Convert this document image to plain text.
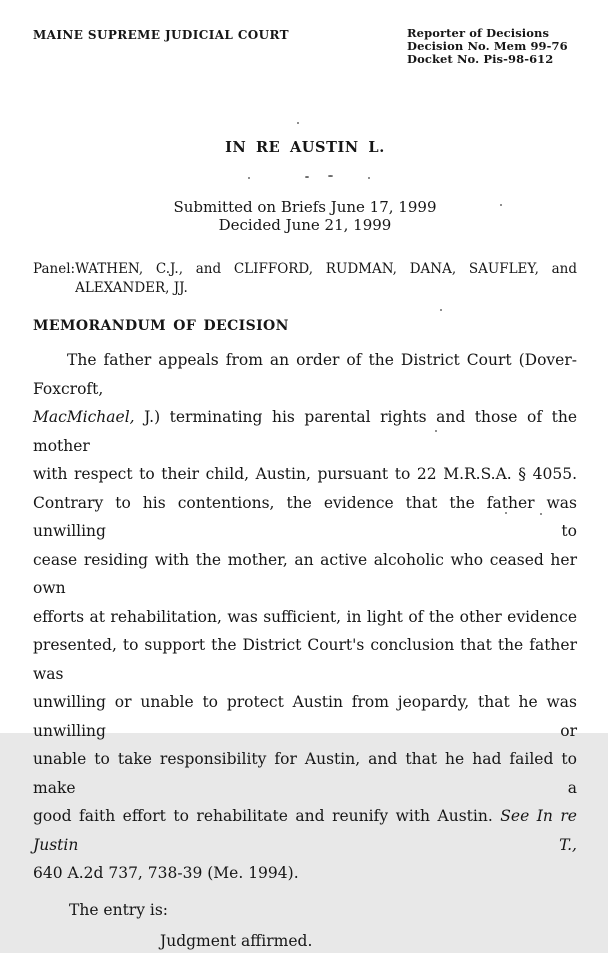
MAINE SUPREME JUDICIAL COURT	Reporter of Decisions
Decision No. Mem 99-76
Docket No. Pis-98-612
IN RE AUSTIN L.
Submitted on Briefs June 17, 1999
Decided June 21, 1999
Panel: WATHEN, C.J., and CLIFFORD, RUDMAN, DANA, SAUFLEY, and
ALEXANDER, JJ.
MEMORANDUM OF DECISION
The father appeals from an order of the District Court (Dover-Foxcroft,
MacMichael, J.) terminating his parental rights and those of the mother
with respect to their child, Austin, pursuant to 22 M.R.S.A. § 4055.
Contrary to his contentions, the evidence that the father was unwilling to
cease residing with the mother, an active alcoholic who ceased her own
efforts at rehabilitation, was sufficient, in light of the other evidence
presented, to support the District Court's conclusion that the father was
unwilling or unable to protect Austin from jeopardy, that he was unwilling or
unable to take responsibility for Austin, and that he had failed to make a
good faith effort to rehabilitate and reunify with Austin. See In re Justin T.,
640 A.2d 737, 738-39 (Me. 1994).
The entry is:
Judgment affirmed.
